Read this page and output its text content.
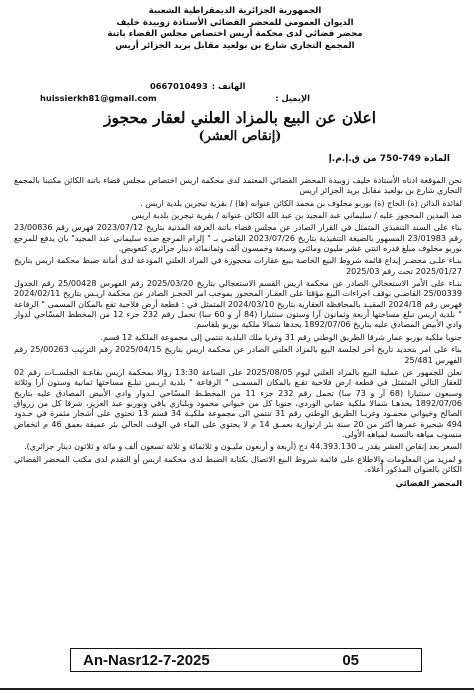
الجمهورية الجزائرية الديمقراطية الشعبية
الديوان العمومي للمحضر القضائي الأستاذة زوبيدة خليف
محضر قضائي لدى محكمة أريس اختصاص مجلس القضاء باتنة
المجمع التجاري شارع بن بولعيد مقابل بريد الجزائر أريس
0667010493 الهاتف :
huissierkh81@gmail.com	الإيميل :
اعلان عن البيع بالمزاد العلني لعقار محجوز
(إنقاص العشر)
المادة 749-750 من ق.إ.م.إ

نحن الموقعة ادناه الأستاذة خليف زوبيدة المحضر القضائي المعتمد لدى محكمة اريس اختصاص مجلس قضاء باتنة الكائن مكتبنا بالمجمع التجاري شارع بن بولعيد مقابل بريد الجزائر اريس

لفائدة الدائن (ة) الحاج (ة) بوربو مخلوف بن محمد الكائن عنوانه (ها) / بقرية تيجرين بلدية اريس .

ضد المدين المحجوز عليه / سليماني عبد المجيد بن عبد الله الكائن عنوانه / بقرية تيجرين بلدية اريس

بناء على السند التنفيذي المتمثل في القرار الصادر عن مجلس قضاء باتنة الغرفة المدنية بتاريخ 2023/07/12 فهرس رقم 23/00836 رقم 23/01983 المسهور بالصيغة التنفيذية بتاريخ 2023/07/26 القاضي بـ " إلزام المرجع ضده سليماني عبد المجيد" بان يدفع للمرجع بوربو مخلوف مبلغ قدره اثنتي عشر مليون ومائتي وسبعة وخمسون ألف وثمانمائة دينار جزائري كتعويض.

بنـاء علـى محضـر إيداع قائمة شروط البيع الخاصة ببيع عقارات محجوزة في المزاد العلني المودعة لدى أمانة ضبط محكمة اريس بتاريخ 2025/01/27 تحت رقم 2025/03

بنـاء على الأمر الاستعجالي الصادر عن محكمة اريس القسم الاستعجالي بتاريخ 2025/03/20 رقم الفهرس 25/00428 رقم الجدول 25/00339 القاضـي بوقف اجراءات البيع مؤقتا على العقـار المحجوز بموجب امر الحجـز الصادر عن محكمة اريـس بتاريخ 2024/02/11 فهرس رقم 2024/18 المقيـد بالمحافظة العقارية بتاريخ 2024/03/10 المتمثل في : قطعة أرض فلاحية تقع بالمكان المسمى " الرفاعة " بلدية اريس تبلغ مساحتها أربعة وثمانون آرا وستون سنتيارا (84 آر و 60 سا) تحمل رقم 232 جزء 12 من المخطط المسّاحي لدوار وادي الأبيض المصادق عليه بتاريخ 1892/07/06 يحدها شمالا ملكية بوربو بلقاسم.

جنوبا ملكية بوربو عمار شرقا الطريق الوطني رقم 31 وغربا ملك البلدية تنتمي إلى مجموعة الملكية 12 قسم.

بناء على امر بتحديد تاريخ آخر لجلسة البيع بالمزاد العلني الصادر عن محكمة اريس بتاريخ 2025/04/15 رقم الترتيب 25/00263 رقم الفهرس 25/481

نعلن للجمهور عن عملية البيع بالمزاد العلني ليوم 2025/08/05 على الساعة 13:30 زوالا بمحكمة اريس بقاعـة الجلســات رقم 02 للعقار التالي المتمثل في قطعة ارض فلاحية تقـع بالمكان المسمـى " الرفاعة " بلدية اريـس تبلـغ مساحتها ثمانية وستون آرا وثلاثة وسبعون سنتيارا (68 آر و 73 سا) تحمل رقم 232 جزء 11 من المخطـط المسّاحي لـدوار وادي الأبيض المصادق عليه بتاريخ 1892/07/06 يحدهـا شمالا ملكية عقابي الوردي، جنوبا كل من خيواني محمود وبلبازي ياقي وبوربو عبد العزيز، شرقا كل من زرواق الصالح وخيواني محمـود وغربـا الطريق الوطني رقم 31 تنتمي الى مجموعة ملكيـة 34 قسم 13 تحتوي على أشجار مثمرة في حـدود 494 شجيرة عمرها أكثر من 20 سنة بئر ارتوازية بعمـق 14 م لا يحتوي على الماء في الوقت الحالي بئر عميقة بعمق 46 م انخفاض منسوب مياهه بالنسبة لمياهه الأولى.

السعر بعد إنقاص العشر يقدر بـ 44.393.130 دج (أربعة و أربعون مليـون و ثلاثمائة و ثلاثة تسعون ألف و مائة و ثلاثون دينار جزائري).

و لمزيد من المعلومات والاطلاع على قائمة شروط البيع الاتصال بكتابة الضبط لدى محكمة اريس أو التقدم لدى مكتب المحضر القضائي الكائن بالعنوان المذكور أعلاه.

المحضر القضائي
An-Nasr12-7-2025	05
